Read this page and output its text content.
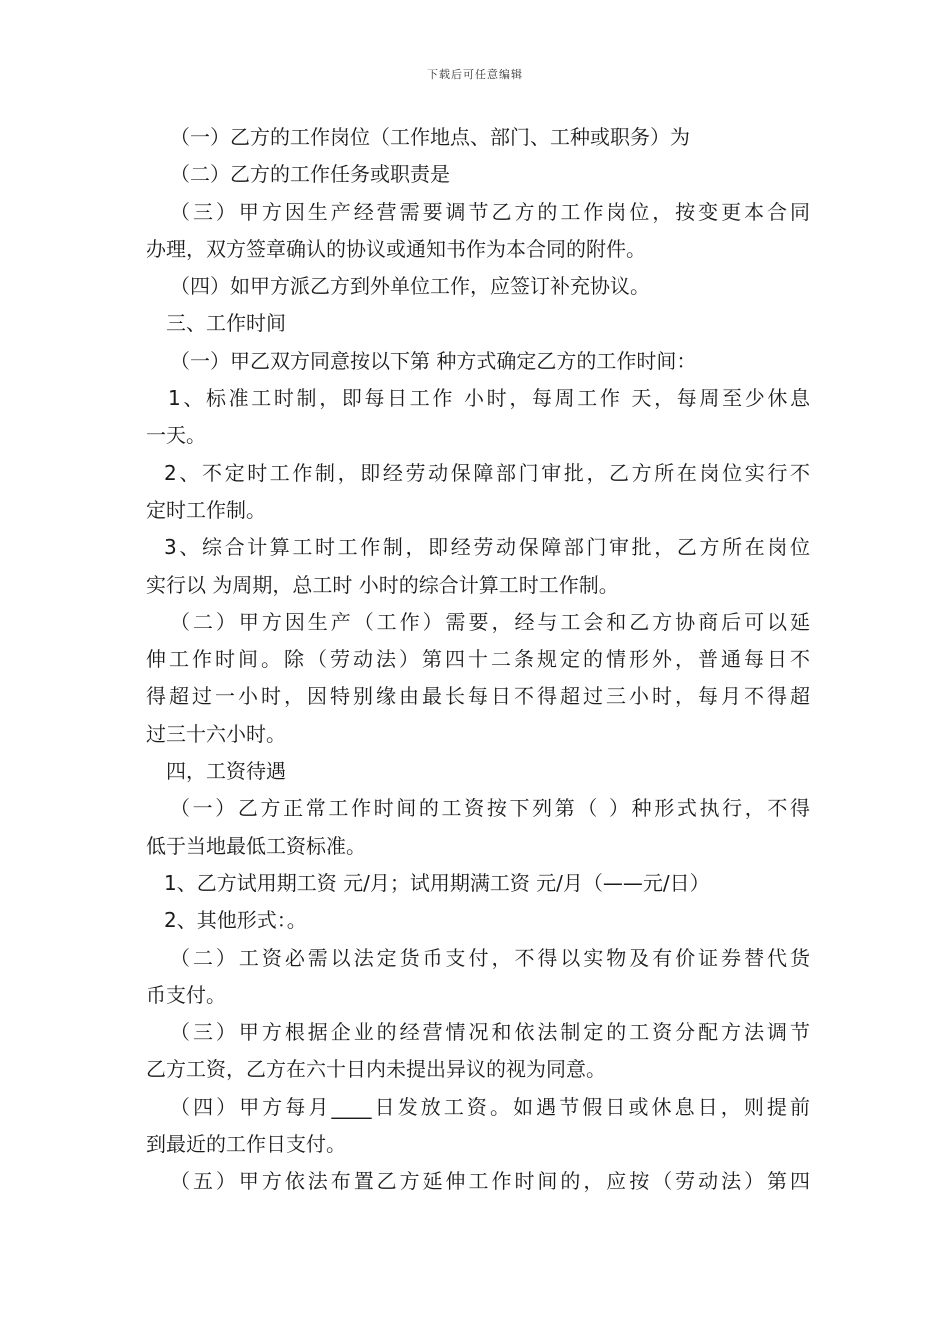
下载后可任意编辑
（一）乙方的工作岗位（工作地点、部门、工种或职务）为
（二）乙方的工作任务或职责是
（三）甲方因生产经营需要调节乙方的工作岗位，按变更本合同
办理，双方签章确认的协议或通知书作为本合同的附件。
（四）如甲方派乙方到外单位工作，应签订补充协议。
三、工作时间
（一）甲乙双方同意按以下第 种方式确定乙方的工作时间：
1、标准工时制，即每日工作 小时，每周工作 天，每周至少休息
一天。
2、不定时工作制，即经劳动保障部门审批，乙方所在岗位实行不
定时工作制。
3、综合计算工时工作制，即经劳动保障部门审批，乙方所在岗位
实行以 为周期，总工时 小时的综合计算工时工作制。
（二）甲方因生产（工作）需要，经与工会和乙方协商后可以延
伸工作时间。除（劳动法）第四十二条规定的情形外，普通每日不
得超过一小时，因特别缘由最长每日不得超过三小时，每月不得超
过三十六小时。
四，工资待遇
（一）乙方正常工作时间的工资按下列第（ ）种形式执行，不得
低于当地最低工资标准。
1、乙方试用期工资 元/月；试用期满工资 元/月（——元/日）
2、其他形式：。
（二）工资必需以法定货币支付，不得以实物及有价证券替代货
币支付。
（三）甲方根据企业的经营情况和依法制定的工资分配方法调节
乙方工资，乙方在六十日内未提出异议的视为同意。
（四）甲方每月____日发放工资。如遇节假日或休息日，则提前
到最近的工作日支付。
（五）甲方依法布置乙方延伸工作时间的，应按（劳动法）第四
